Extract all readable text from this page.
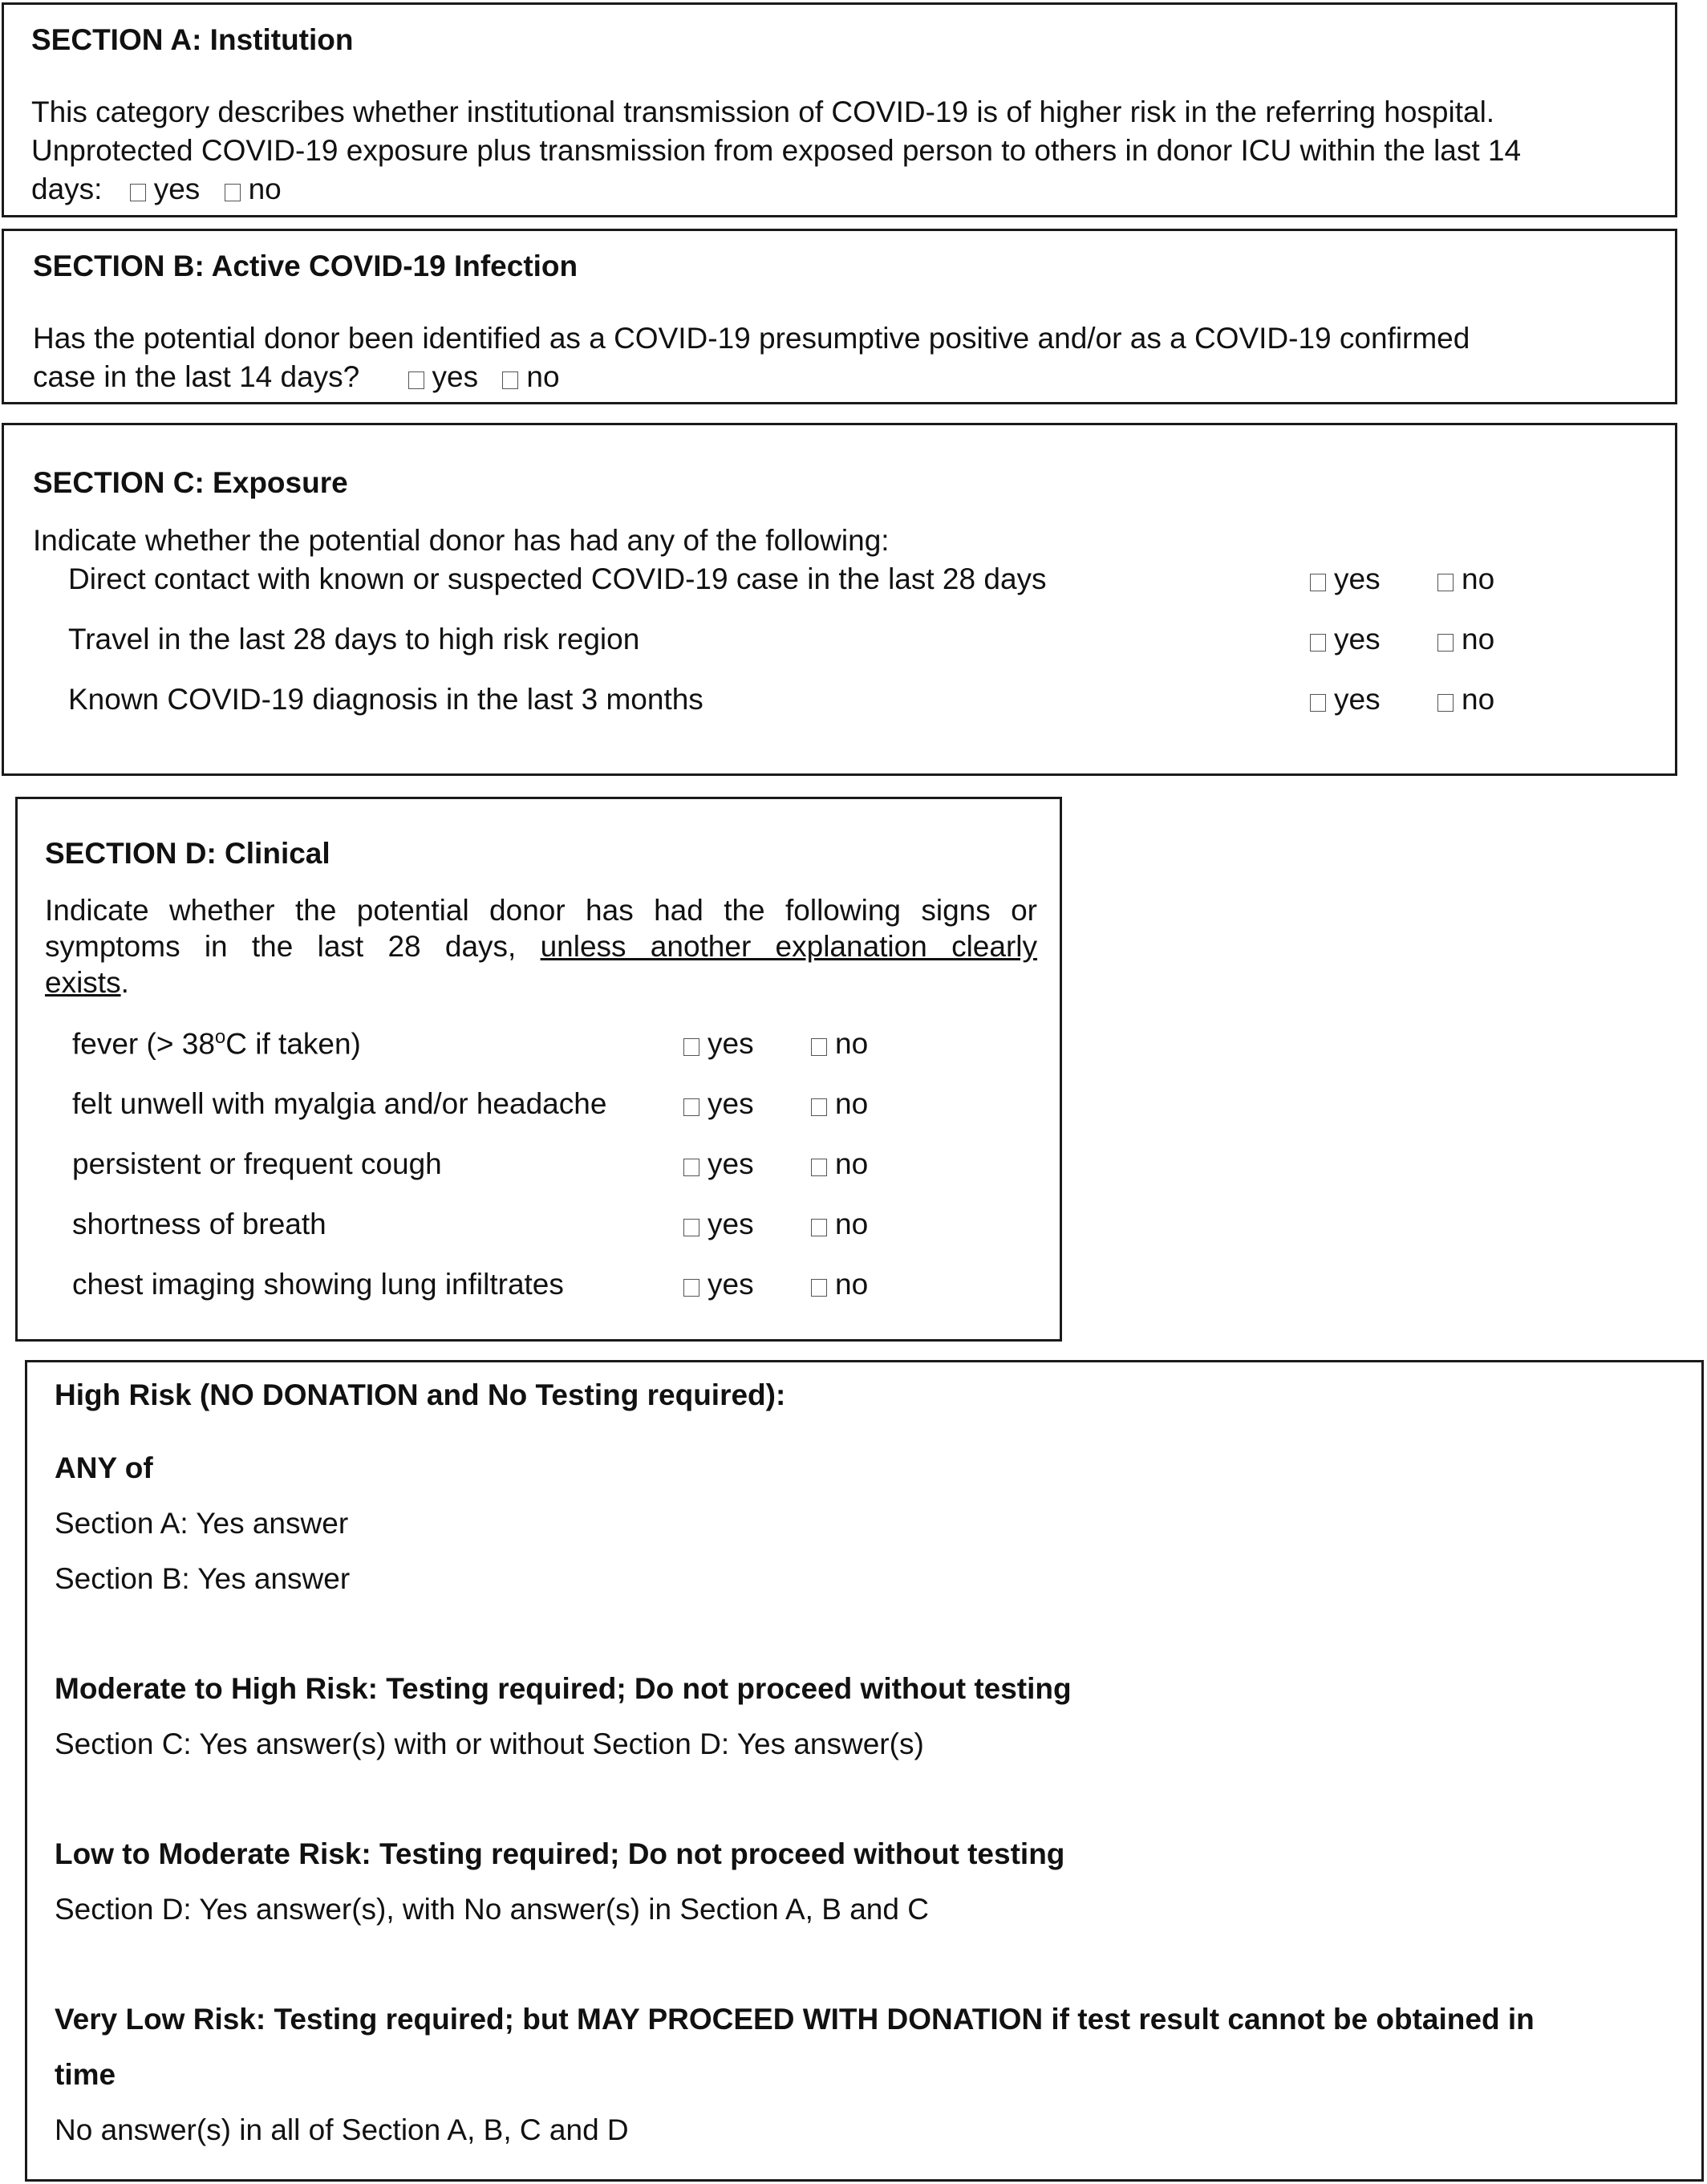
SECTION A: Institution
This category describes whether institutional transmission of COVID-19 is of higher risk in the referring hospital.
Unprotected COVID-19 exposure plus transmission from exposed person to others in donor ICU within the last 14
days: yes no
SECTION B: Active COVID-19 Infection
Has the potential donor been identified as a COVID-19 presumptive positive and/or as a COVID-19 confirmed
case in the last 14 days? yes no
SECTION C: Exposure
Indicate whether the potential donor has had any of the following:
Direct contact with known or suspected COVID-19 case in the last 28 days	yes	no
Travel in the last 28 days to high risk region	yes	no
Known COVID-19 diagnosis in the last 3 months	yes	no
SECTION D: Clinical
Indicate whether the potential donor has had the following signs or
symptoms in the last 28 days, unless another explanation clearly
exists.
fever (> $38^oC$ if taken)	yes	no
felt unwell with myalgia and/or headache	yes	no
persistent or frequent cough	yes	no
shortness of breath	yes	no
chest imaging showing lung infiltrates	yes	no
High Risk (NO DONATION and No Testing required):
ANY of
Section A: Yes answer
Section B: Yes answer
Moderate to High Risk: Testing required; Do not proceed without testing
Section C: Yes answer(s) with or without Section D: Yes answer(s)
Low to Moderate Risk: Testing required; Do not proceed without testing
Section D: Yes answer(s), with No answer(s) in Section A, B and C
Very Low Risk: Testing required; but MAY PROCEED WITH DONATION if test result cannot be obtained in
time
No answer(s) in all of Section A, B, C and D
